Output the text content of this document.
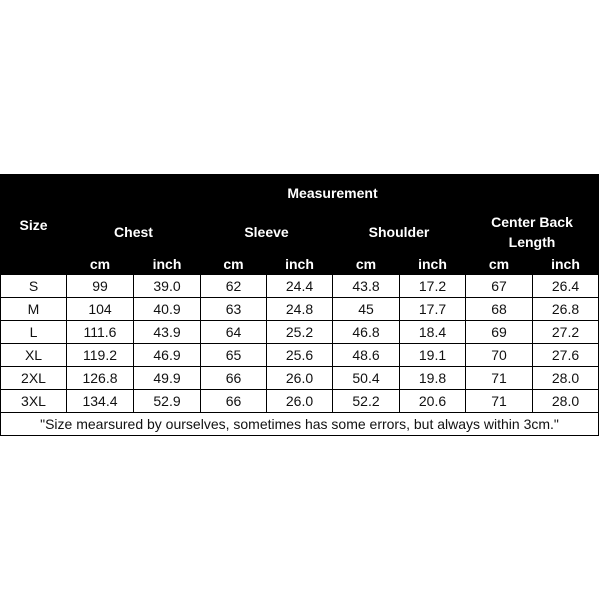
Size	Measurement							
	Chest		Sleeve		Shoulder		Center Back Length	
	cm	inch	cm	inch	cm	inch	cm	inch
S	99	39.0	62	24.4	43.8	17.2	67	26.4
M	104	40.9	63	24.8	45	17.7	68	26.8
L	111.6	43.9	64	25.2	46.8	18.4	69	27.2
XL	119.2	46.9	65	25.6	48.6	19.1	70	27.6
2XL	126.8	49.9	66	26.0	50.4	19.8	71	28.0
3XL	134.4	52.9	66	26.0	52.2	20.6	71	28.0
"Size mearsured by ourselves, sometimes has some errors, but always within 3cm."								
